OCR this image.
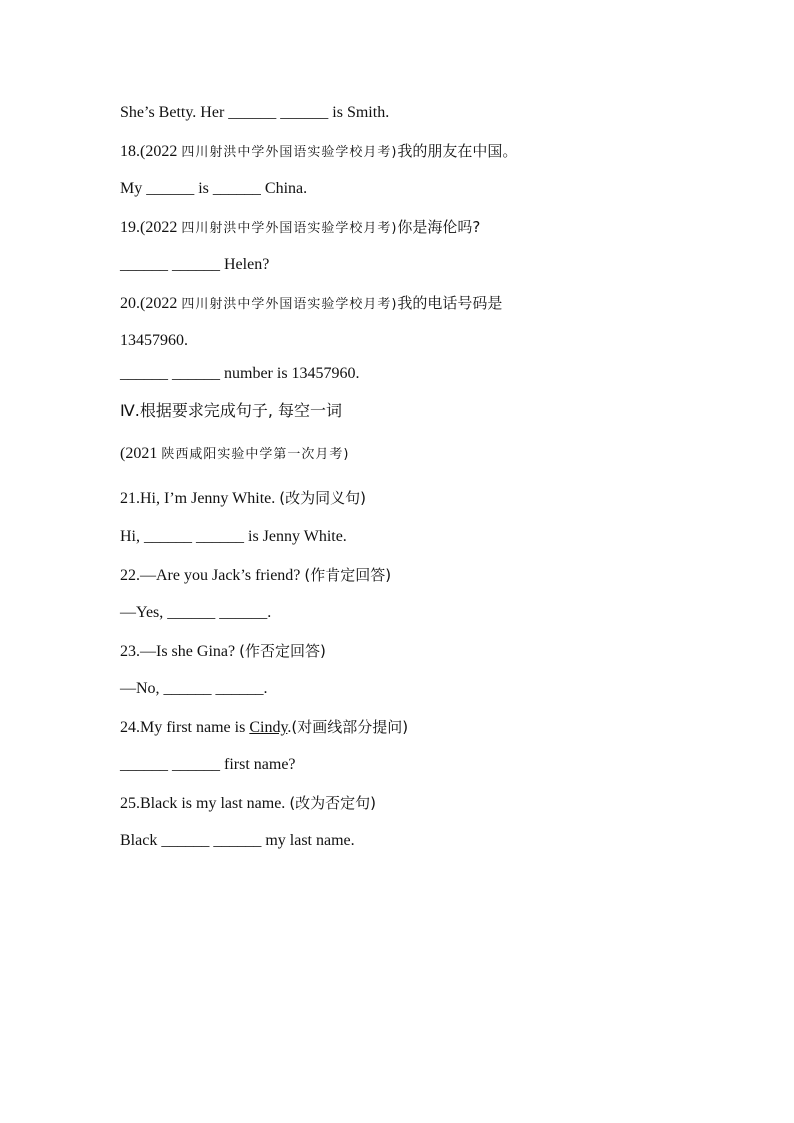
She’s Betty. Her ______ ______ is Smith.
18.(2022 四川射洪中学外国语实验学校月考)我的朋友在中国。
My ______ is ______ China.
19.(2022 四川射洪中学外国语实验学校月考)你是海伦吗?
______ ______ Helen?
20.(2022 四川射洪中学外国语实验学校月考)我的电话号码是
13457960.
______ ______ number is 13457960.
Ⅳ.根据要求完成句子, 每空一词
(2021 陕西咸阳实验中学第一次月考)
21.Hi, I’m Jenny White. (改为同义句)
Hi, ______ ______ is Jenny White.
22.—Are you Jack’s friend? (作肯定回答)
—Yes, ______ ______.
23.—Is she Gina? (作否定回答)
—No, ______ ______.
24.My first name is Cindy.(对画线部分提问)
______ ______ first name?
25.Black is my last name. (改为否定句)
Black ______ ______ my last name.
